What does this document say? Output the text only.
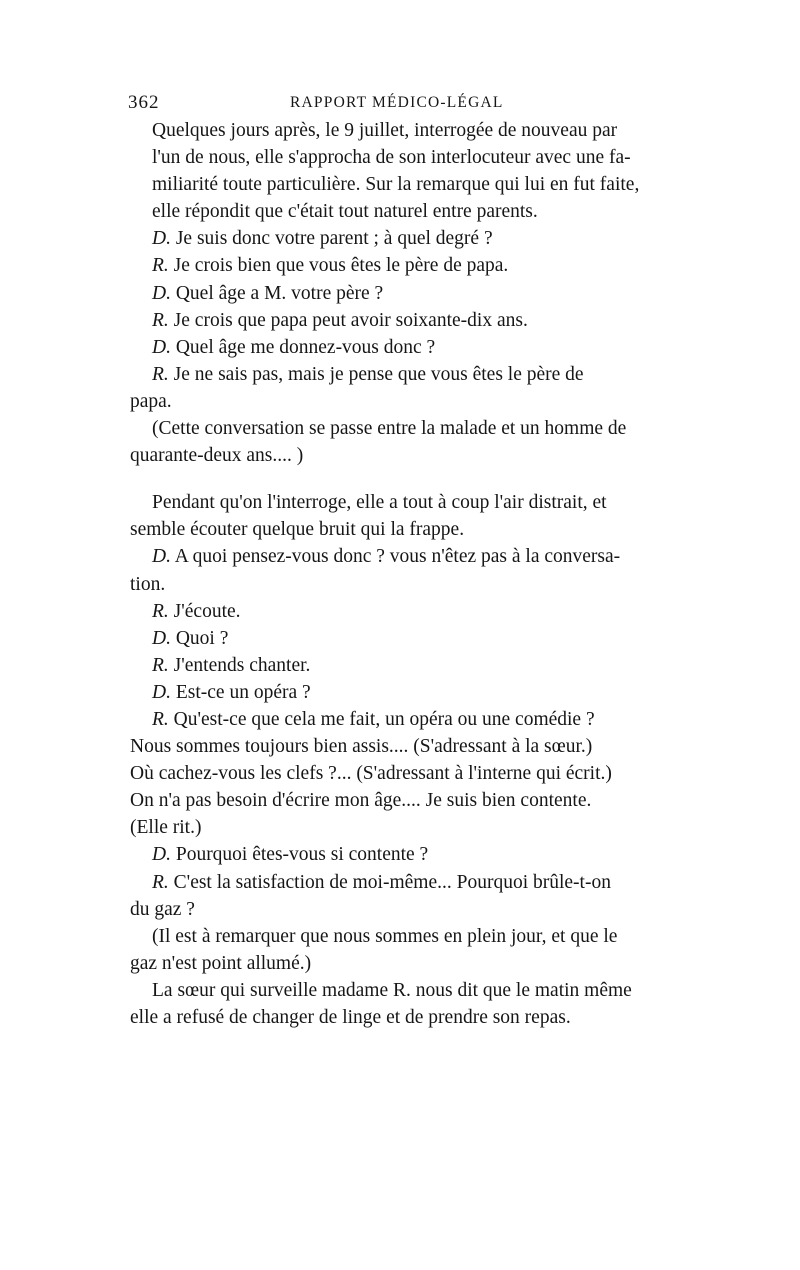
362	RAPPORT MÉDICO-LÉGAL

Quelques jours après, le 9 juillet, interrogée de nouveau par
l'un de nous, elle s'approcha de son interlocuteur avec une fa-
miliarité toute particulière. Sur la remarque qui lui en fut faite,
elle répondit que c'était tout naturel entre parents.

D. Je suis donc votre parent ; à quel degré ?

R. Je crois bien que vous êtes le père de papa.

D. Quel âge a M. votre père ?

R. Je crois que papa peut avoir soixante-dix ans.

D. Quel âge me donnez-vous donc ?

R. Je ne sais pas, mais je pense que vous êtes le père de
papa.

(Cette conversation se passe entre la malade et un homme de
quarante-deux ans.... )

Pendant qu'on l'interroge, elle a tout à coup l'air distrait, et
semble écouter quelque bruit qui la frappe.

D. A quoi pensez-vous donc ? vous n'êtez pas à la conversa-
tion.

R. J'écoute.

D. Quoi ?

R. J'entends chanter.

D. Est-ce un opéra ?

R. Qu'est-ce que cela me fait, un opéra ou une comédie ?
Nous sommes toujours bien assis.... (S'adressant à la sœur.)
Où cachez-vous les clefs ?... (S'adressant à l'interne qui écrit.)
On n'a pas besoin d'écrire mon âge.... Je suis bien contente.
(Elle rit.)

D. Pourquoi êtes-vous si contente ?

R. C'est la satisfaction de moi-même... Pourquoi brûle-t-on
du gaz ?

(Il est à remarquer que nous sommes en plein jour, et que le
gaz n'est point allumé.)

La sœur qui surveille madame R. nous dit que le matin même
elle a refusé de changer de linge et de prendre son repas.
